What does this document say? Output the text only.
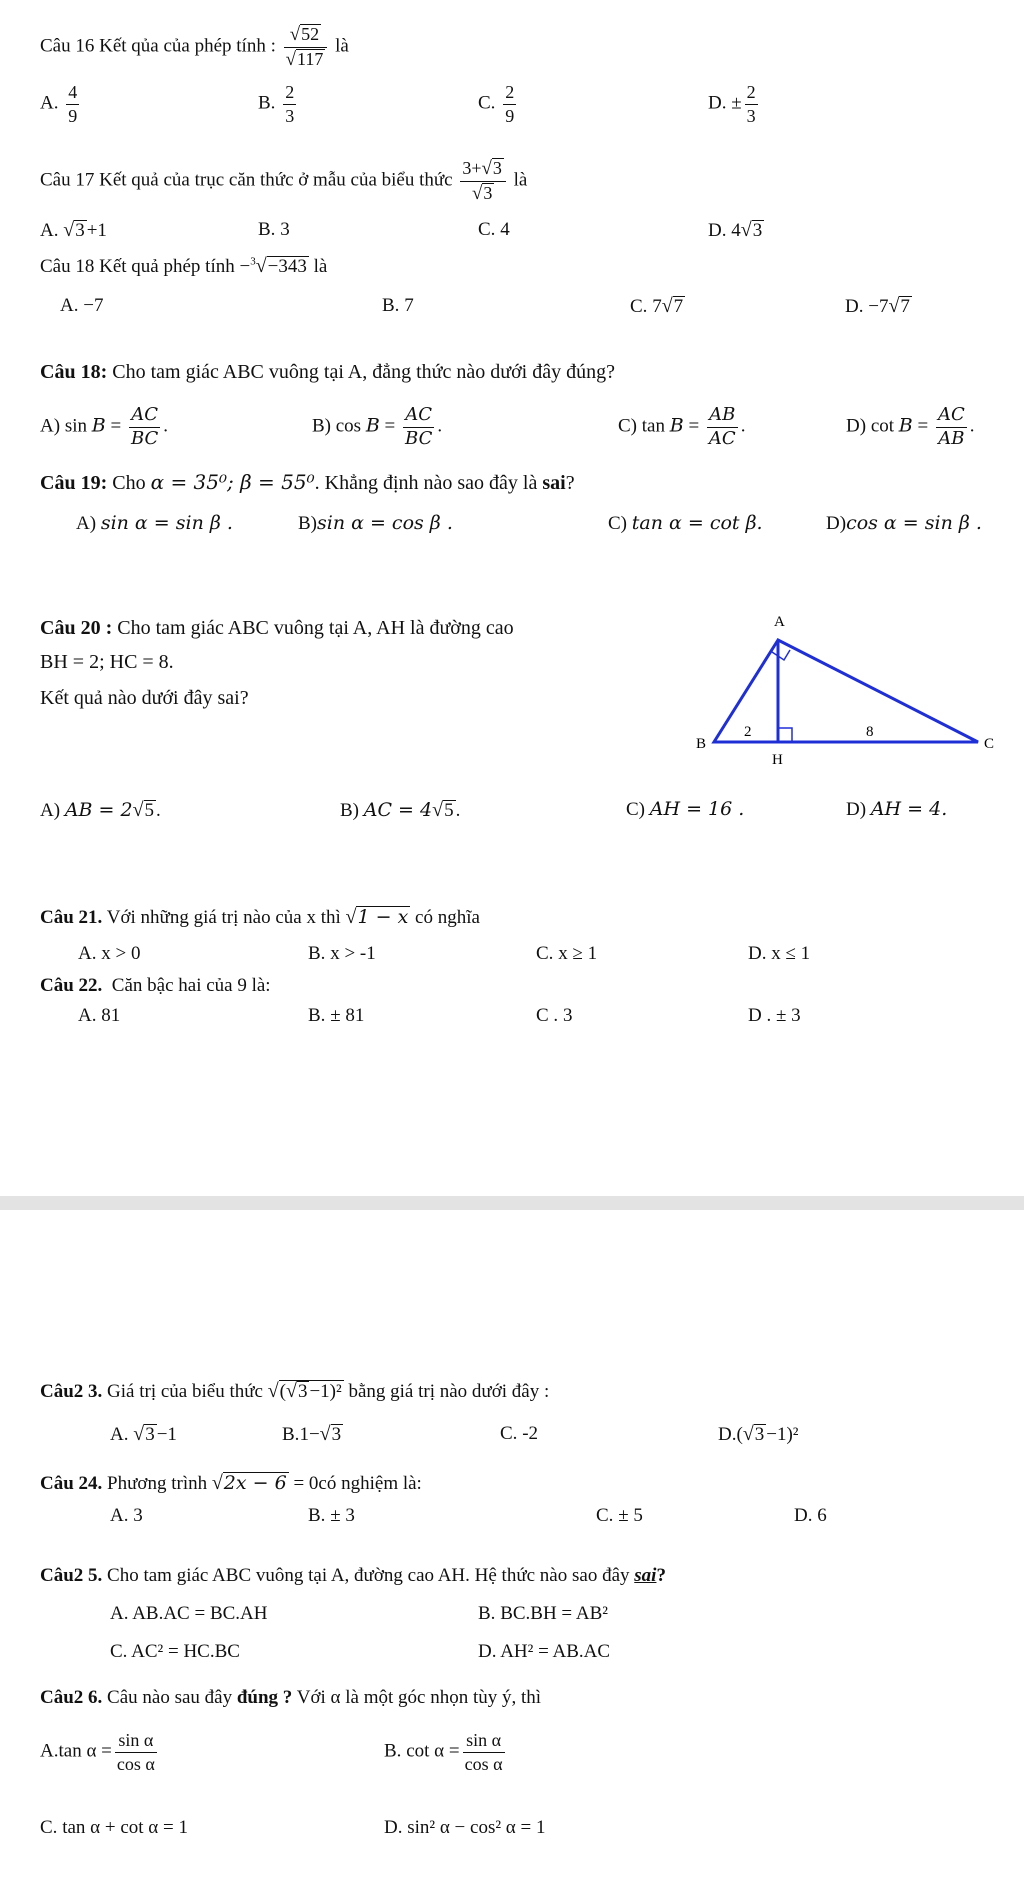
Câu 16 Kết qủa của phép tính : $\frac{√52}{√117}$ là
A. $\frac{4}{9}$	B. $\frac{2}{3}$	C. $\frac{2}{9}$	D. ± $\frac{2}{3}$
Câu 17 Kết quả của trục căn thức ở mẫu của biểu thức $\frac{3+√3}{√3}$ là
A. √3 +1	B. 3	C. 4	D. 4√3
Câu 18 Kết quả phép tính −$^3$√−343 là
A. −7	B. 7	C. 7√7	D. −7√7
Câu 18: Cho tam giác ABC vuông tại A, đẳng thức nào dưới đây đúng?
A) $\sin B = \frac{AC}{BC}$ .	B) $\cos B = \frac{AC}{BC}$ .	C) $\tan B = \frac{AB}{AC}$ .	D) $\cot B = \frac{AC}{AB}$ .
Câu 19: Cho α = 35⁰; β = 55⁰. Khẳng định nào sao đây là sai?
A) sin α = sin β .	B)sin α = cos β .	C) tan α = cot β.	D)cos α = sin β .
Câu 20 : Cho tam giác ABC vuông tại A, AH là đường cao
BH = 2; HC = 8.
Kết quả nào dưới đây sai?
A
B	C
H
2	8
A) AB = 2√5 .	B) AC = 4√5 .	C) AH = 16 .	D) AH = 4.
Câu 21. Với những giá trị nào của x thì √1 − x có nghĩa
A. x > 0	B. x > -1	C. x ≥ 1	D. x ≤ 1
Câu 22. Căn bậc hai của 9 là:
A. 81	B. ± 81	C . 3	D . ± 3
Câu2 3. Giá trị của biểu thức √(√3 −1)² bằng giá trị nào dưới đây :
A. √3 −1	B.1−√3	C. -2	D.(√3 −1)²
Câu 24. Phương trình √2x − 6 = 0có nghiệm là:
A. 3	B. ± 3	C. ± 5	D. 6
Câu2 5. Cho tam giác ABC vuông tại A, đường cao AH. Hệ thức nào sao đây sai?
A. AB.AC = BC.AH	B. BC.BH = AB²
C. AC² = HC.BC	D. AH² = AB.AC
Câu2 6. Câu nào sau đây đúng ? Với α là một góc nhọn tùy ý, thì
A.tan $\alpha = \frac{\text{sin α}}{\text{cos α}}$	B. $\cot \alpha = \frac{\text{sin α}}{\text{cos α}}$
C. tan α + cot α = 1	D. sin² α − cos² α = 1
